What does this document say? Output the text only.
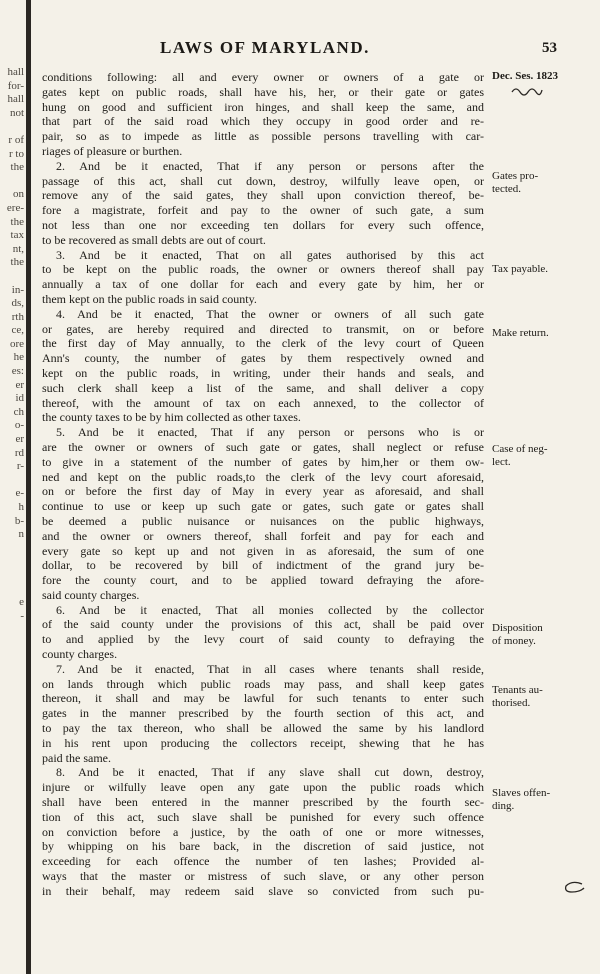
hall
for-
hall
not
r of
r to
the
on
ere-
the
tax
nt,
the
in-
ds,
rth
ce,
ore
he
es:
er
id
ch
o-
er
rd
r-
e-
h
b-
n
e
-
LAWS OF MARYLAND.	53
conditions following: all and every owner or owners of a gate or
gates kept on public roads, shall have his, her, or their gate or gates
hung on good and sufficient iron hinges, and shall keep the same, and
that part of the said road which they occupy in good order and re-
pair, so as to impede as little as possible persons travelling with car-
riages of pleasure or burthen.
2. And be it enacted, That if any person or persons after the
passage of this act, shall cut down, destroy, wilfully leave open, or
remove any of the said gates, they shall upon conviction thereof, be-
fore a magistrate, forfeit and pay to the owner of such gate, a sum
not less than one nor exceeding ten dollars for every such offence,
to be recovered as small debts are out of court.
3. And be it enacted, That on all gates authorised by this act
to be kept on the public roads, the owner or owners thereof shall pay
annually a tax of one dollar for each and every gate by him, her or
them kept on the public roads in said county.
4. And be it enacted, That the owner or owners of all such gate
or gates, are hereby required and directed to transmit, on or before
the first day of May annually, to the clerk of the levy court of Queen
Ann's county, the number of gates by them respectively owned and
kept on the public roads, in writing, under their hands and seals, and
such clerk shall keep a list of the same, and shall deliver a copy
thereof, with the amount of tax on each annexed, to the collector of
the county taxes to be by him collected as other taxes.
5. And be it enacted, That if any person or persons who is or
are the owner or owners of such gate or gates, shall neglect or refuse
to give in a statement of the number of gates by him,her or them ow-
ned and kept on the public roads,to the clerk of the levy court aforesaid,
on or before the first day of May in every year as aforesaid, and shall
continue to use or keep up such gate or gates, such gate or gates shall
be deemed a public nuisance or nuisances on the public highways,
and the owner or owners thereof, shall forfeit and pay for each and
every gate so kept up and not given in as aforesaid, the sum of one
dollar, to be recovered by bill of indictment of the grand jury be-
fore the county court, and to be applied toward defraying the afore-
said county charges.
6. And be it enacted, That all monies collected by the collector
of the said county under the provisions of this act, shall be paid over
to and applied by the levy court of said county to defraying the
county charges.
7. And be it enacted, That in all cases where tenants shall reside,
on lands through which public roads may pass, and shall keep gates
thereon, it shall and may be lawful for such tenants to enter such
gates in the manner prescribed by the fourth section of this act, and
to pay the tax thereon, who shall be allowed the same by his landlord
in his rent upon producing the collectors receipt, shewing that he has
paid the same.
8. And be it enacted, That if any slave shall cut down, destroy,
injure or wilfully leave open any gate upon the public roads which
shall have been entered in the manner prescribed by the fourth sec-
tion of this act, such slave shall be punished for every such offence
on conviction before a justice, by the oath of one or more witnesses,
by whipping on his bare back, in the discretion of said justice, not
exceeding for each offence the number of ten lashes; Provided al-
ways that the master or mistress of such slave, or any other person
in their behalf, may redeem said slave so convicted from such pu-
Dec. Ses. 1823
Gates pro-
tected.
Tax payable.
Make return.
Case of neg-
lect.
Disposition
of money.
Tenants au-
thorised.
Slaves offen-
ding.
